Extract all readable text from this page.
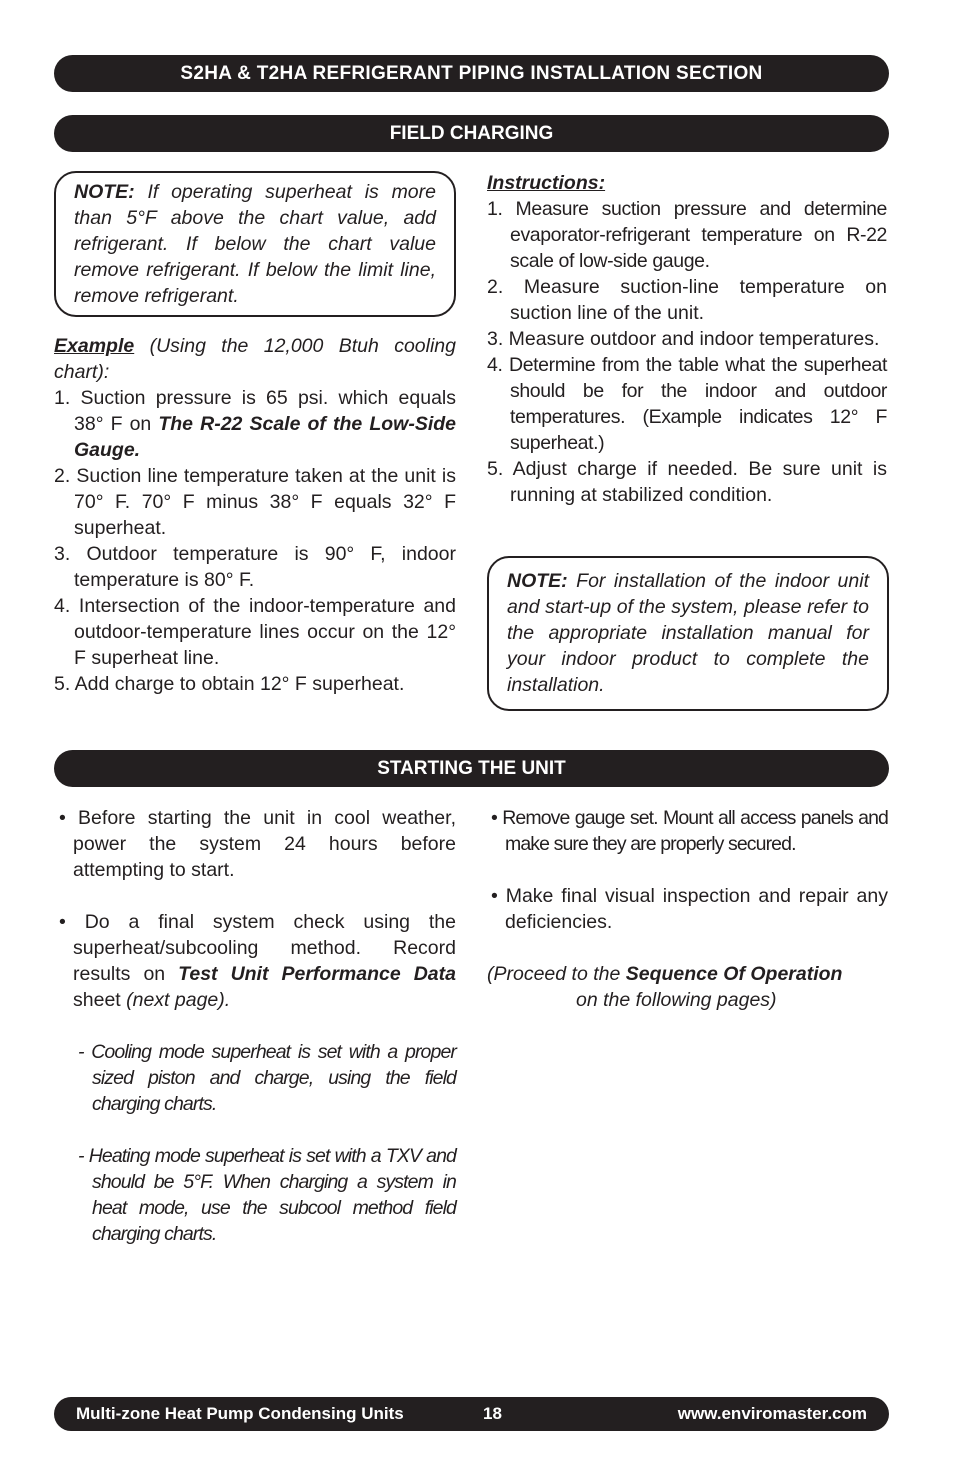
S2HA & T2HA REFRIGERANT PIPING INSTALLATION SECTION
FIELD CHARGING
NOTE: If operating superheat is more than 5°F above the chart value, add refrigerant. If below the chart value remove refrigerant. If below the limit line, remove refrigerant.

Example (Using the 12,000 Btuh cooling chart):

1. Suction pressure is 65 psi. which equals 38° F on The R-22 Scale of the Low-Side Gauge.

2. Suction line temperature taken at the unit is 70° F. 70° F minus 38° F equals 32° F superheat.

3. Outdoor temperature is 90° F, indoor temperature is 80° F.

4. Intersection of the indoor-temperature and outdoor-temperature lines occur on the 12° F superheat line.

5. Add charge to obtain 12° F superheat.

Instructions:

1. Measure suction pressure and determine evaporator-refrigerant temperature on R-22 scale of low-side gauge.

2. Measure suction-line temperature on suction line of the unit.

3. Measure outdoor and indoor temperatures.

4. Determine from the table what the superheat should be for the indoor and outdoor temperatures. (Example indicates 12° F superheat.)

5. Adjust charge if needed. Be sure unit is running at stabilized condition.

NOTE: For installation of the indoor unit and start-up of the system, please refer to the appropriate installation manual for your indoor product to complete the installation.
STARTING THE UNIT

• Before starting the unit in cool weather, power the system 24 hours before attempting to start.

• Do a final system check using the superheat/subcooling method. Record results on Test Unit Performance Data sheet (next page).

- Cooling mode superheat is set with a proper sized piston and charge, using the field charging charts.

- Heating mode superheat is set with a TXV and should be 5°F. When charging a system in heat mode, use the subcool method field charging charts.

• Remove gauge set. Mount all access panels and make sure they are properly secured.

• Make final visual inspection and repair any deficiencies.

(Proceed to the Sequence Of Operation

on the following pages)

Multi-zone Heat Pump Condensing Units	18	www.enviromaster.com
